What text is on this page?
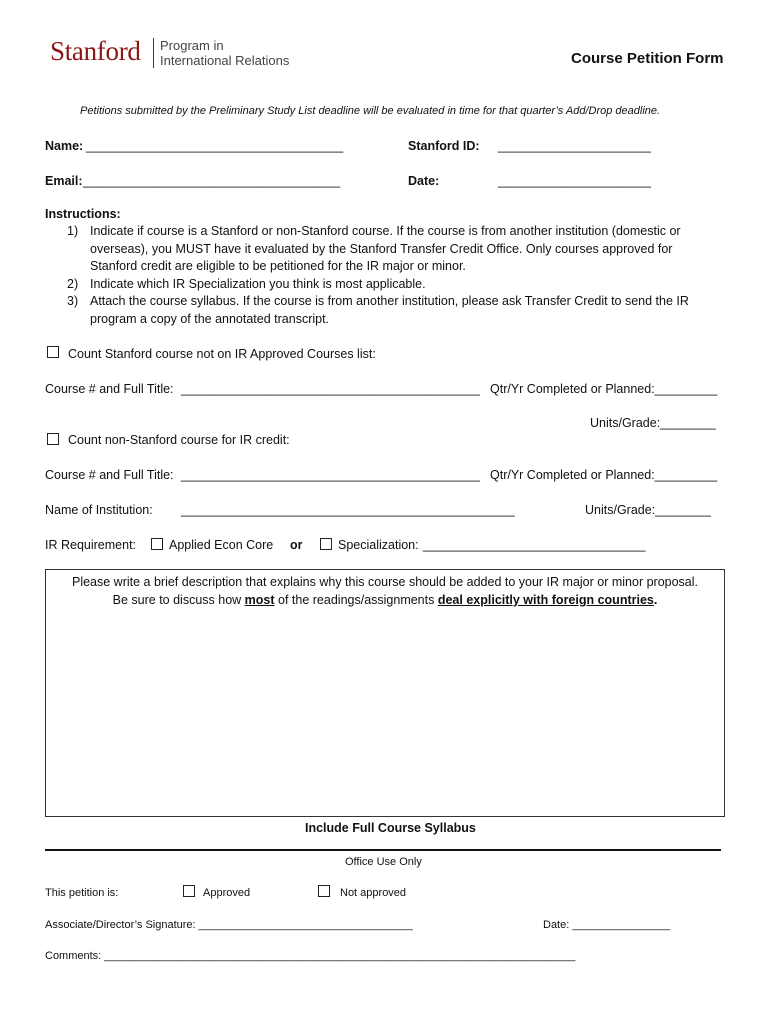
Stanford Program in
International Relations	Course Petition Form
Petitions submitted by the Preliminary Study List deadline will be evaluated in time for that quarter’s Add/Drop deadline.
Name: _____________________________________	Stanford ID: ______________________
Email: _____________________________________	Date:	______________________
Instructions:
1) Indicate if course is a Stanford or non-Stanford course. If the course is from another institution (domestic or overseas), you MUST have it evaluated by the Stanford Transfer Credit Office. Only courses approved for Stanford credit are eligible to be petitioned for the IR major or minor.
2) Indicate which IR Specialization you think is most applicable.
3) Attach the course syllabus. If the course is from another institution, please ask Transfer Credit to send the IR program a copy of the annotated transcript.
Count Stanford course not on IR Approved Courses list:
Course # and Full Title: ___________________________________________ Qtr/Yr Completed or Planned:_________
Units/Grade:________
Count non-Stanford course for IR credit:
Course # and Full Title: ___________________________________________ Qtr/Yr Completed or Planned:_________
Name of Institution: ________________________________________________	Units/Grade:________
IR Requirement:	Applied Econ Core or	Specialization: ________________________________
Please write a brief description that explains why this course should be added to your IR major or minor proposal.
Be sure to discuss how most of the readings/assignments deal explicitly with foreign countries.
Include Full Course Syllabus
Office Use Only
This petition is:	Approved	Not approved
Associate/Director’s Signature: ___________________________________	Date: ________________
Comments: _____________________________________________________________________________
